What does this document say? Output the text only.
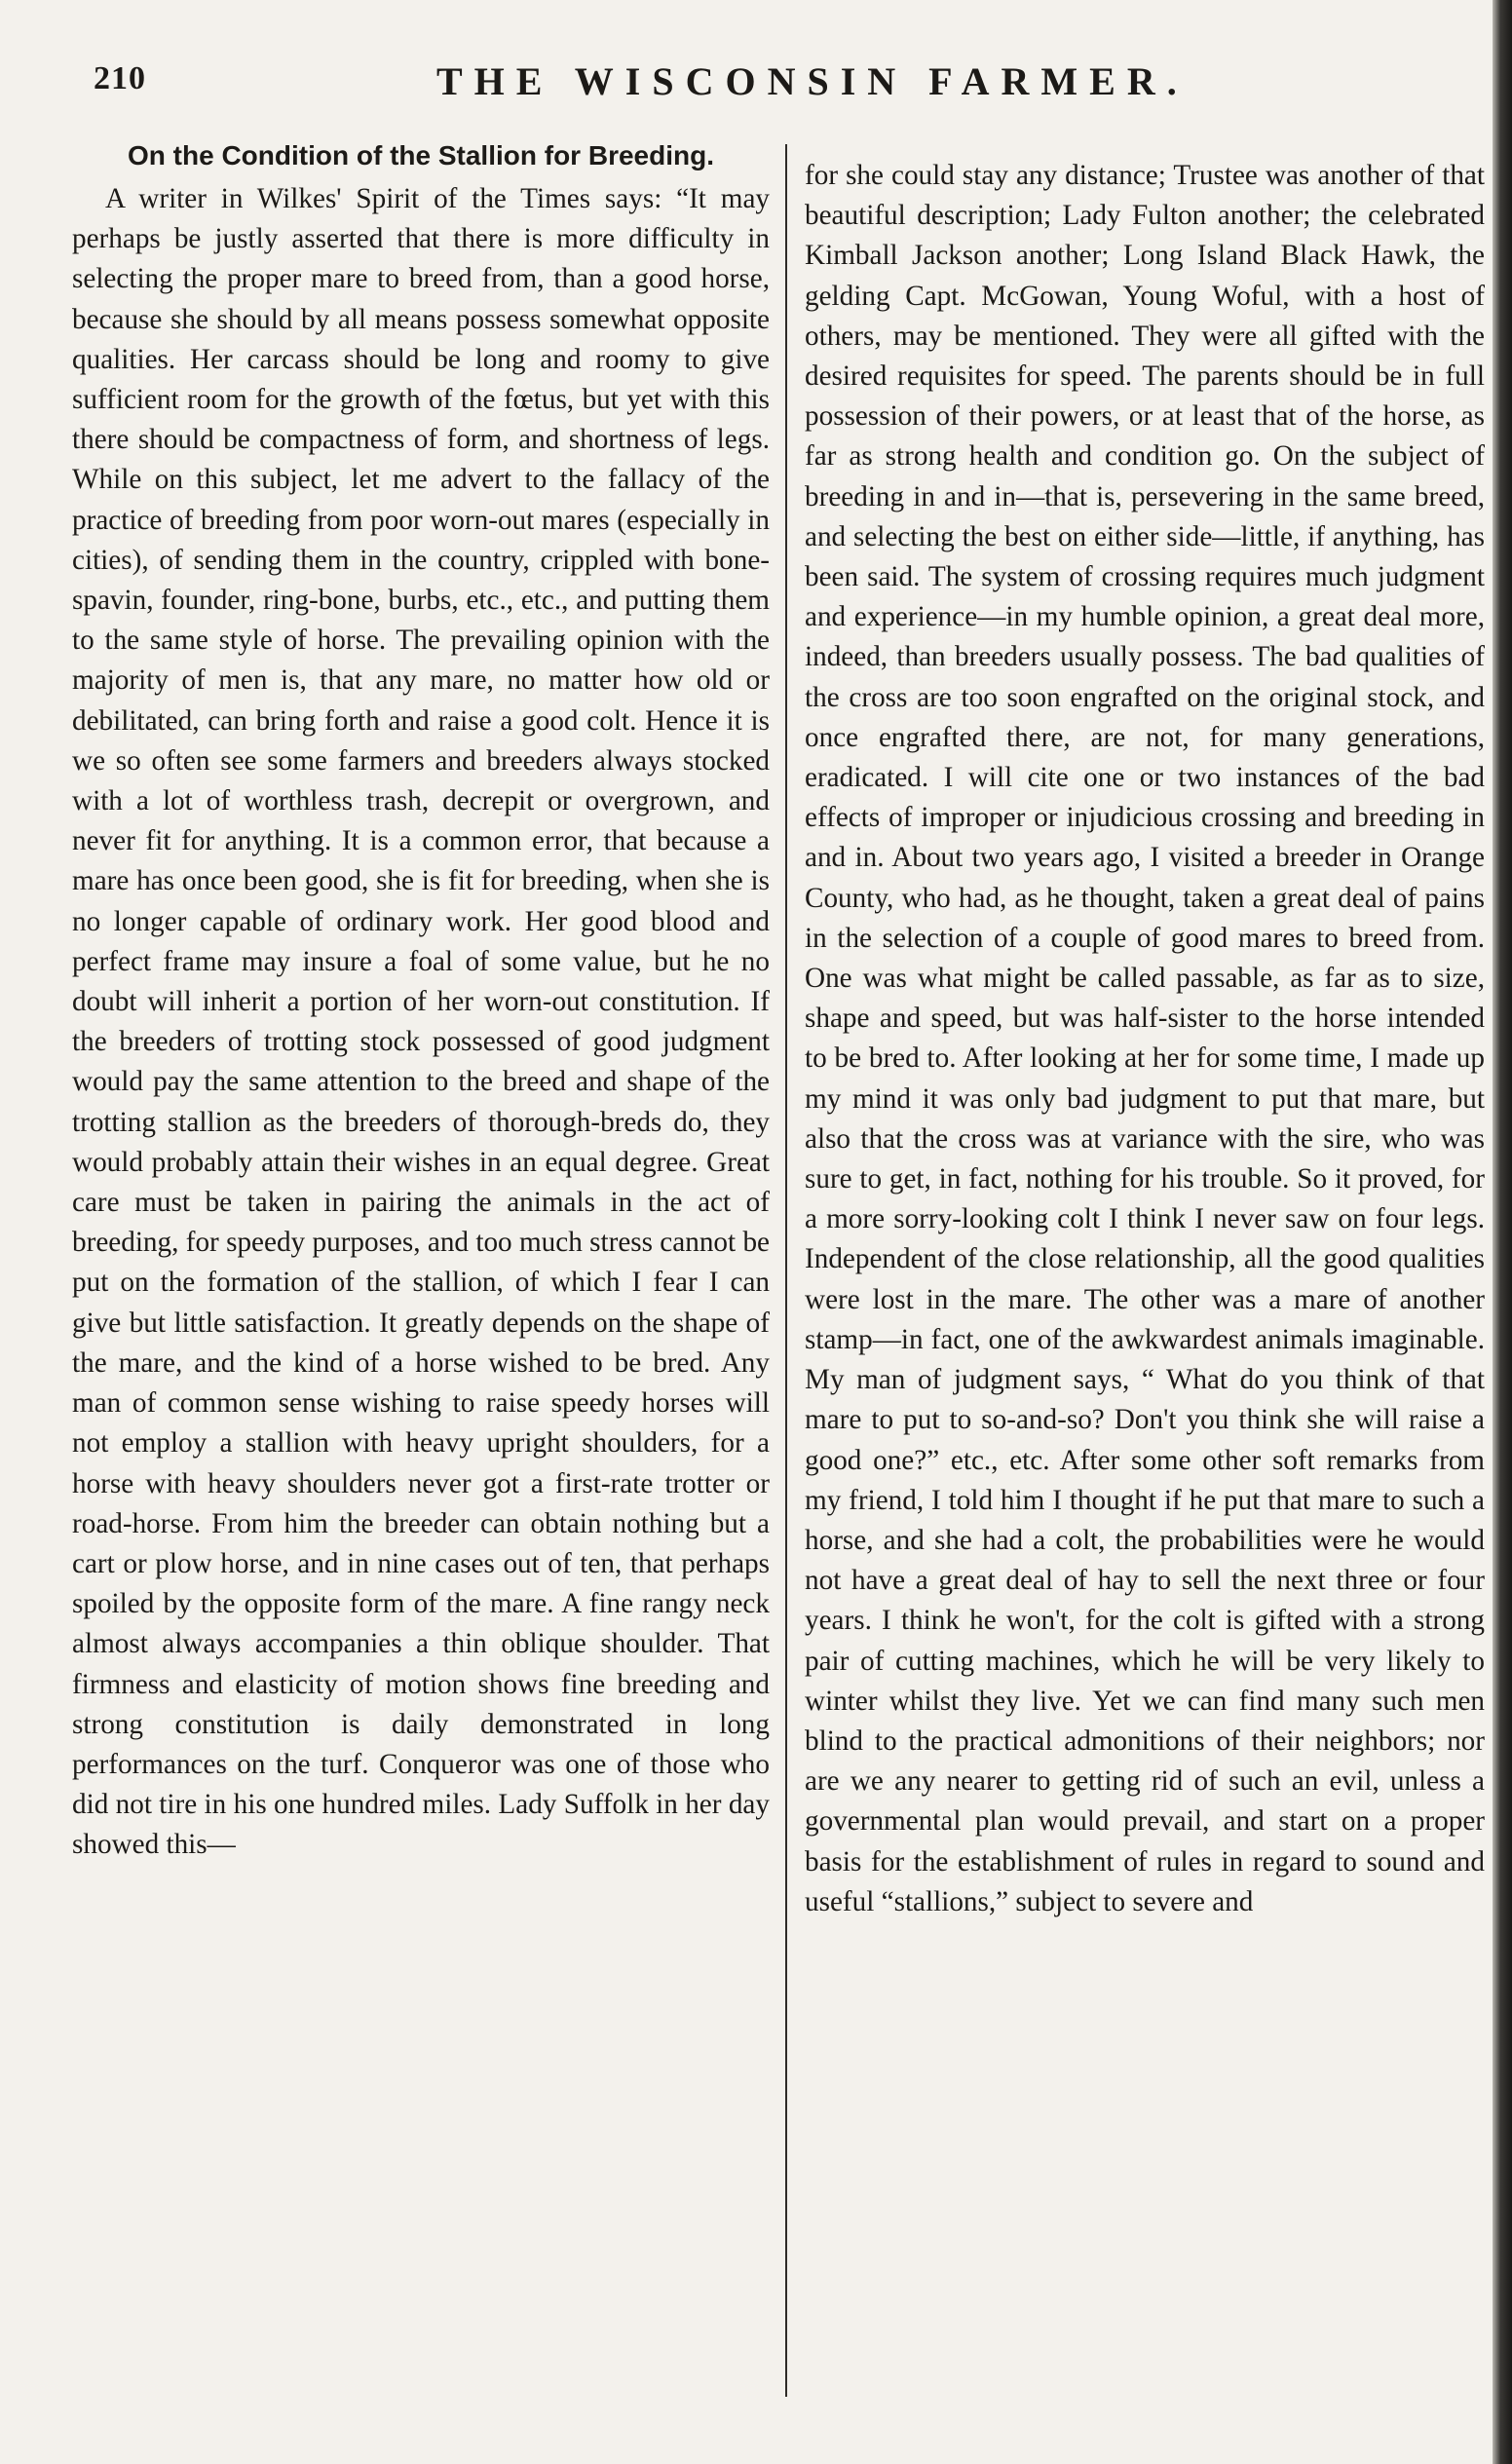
210	THE WISCONSIN FARMER.
On the Condition of the Stallion for Breeding.

A writer in Wilkes' Spirit of the Times says: “It may perhaps be justly asserted that there is more difficulty in selecting the proper mare to breed from, than a good horse, because she should by all means possess somewhat opposite qualities. Her carcass should be long and roomy to give sufficient room for the growth of the fœtus, but yet with this there should be compactness of form, and shortness of legs. While on this subject, let me advert to the fallacy of the practice of breeding from poor worn-out mares (especially in cities), of sending them in the country, crippled with bone-spavin, founder, ring-bone, burbs, etc., etc., and putting them to the same style of horse. The prevailing opinion with the majority of men is, that any mare, no matter how old or debilitated, can bring forth and raise a good colt. Hence it is we so often see some farmers and breeders always stocked with a lot of worthless trash, decrepit or overgrown, and never fit for anything. It is a common error, that because a mare has once been good, she is fit for breeding, when she is no longer capable of ordinary work. Her good blood and perfect frame may insure a foal of some value, but he no doubt will inherit a portion of her worn-out constitution. If the breeders of trotting stock possessed of good judgment would pay the same attention to the breed and shape of the trotting stallion as the breeders of thorough-breds do, they would probably attain their wishes in an equal degree. Great care must be taken in pairing the animals in the act of breeding, for speedy purposes, and too much stress cannot be put on the formation of the stallion, of which I fear I can give but little satisfaction. It greatly depends on the shape of the mare, and the kind of a horse wished to be bred. Any man of common sense wishing to raise speedy horses will not employ a stallion with heavy upright shoulders, for a horse with heavy shoulders never got a first-rate trotter or road-horse. From him the breeder can obtain nothing but a cart or plow horse, and in nine cases out of ten, that perhaps spoiled by the opposite form of the mare. A fine rangy neck almost always accompanies a thin oblique shoulder. That firmness and elasticity of motion shows fine breeding and strong constitution is daily demonstrated in long performances on the turf. Conqueror was one of those who did not tire in his one hundred miles. Lady Suffolk in her day showed this—

for she could stay any distance; Trustee was another of that beautiful description; Lady Fulton another; the celebrated Kimball Jackson another; Long Island Black Hawk, the gelding Capt. McGowan, Young Woful, with a host of others, may be mentioned. They were all gifted with the desired requisites for speed. The parents should be in full possession of their powers, or at least that of the horse, as far as strong health and condition go. On the subject of breeding in and in—that is, persevering in the same breed, and selecting the best on either side—little, if anything, has been said. The system of crossing requires much judgment and experience—in my humble opinion, a great deal more, indeed, than breeders usually possess. The bad qualities of the cross are too soon engrafted on the original stock, and once engrafted there, are not, for many generations, eradicated. I will cite one or two instances of the bad effects of improper or injudicious crossing and breeding in and in. About two years ago, I visited a breeder in Orange County, who had, as he thought, taken a great deal of pains in the selection of a couple of good mares to breed from. One was what might be called passable, as far as to size, shape and speed, but was half-sister to the horse intended to be bred to. After looking at her for some time, I made up my mind it was only bad judgment to put that mare, but also that the cross was at variance with the sire, who was sure to get, in fact, nothing for his trouble. So it proved, for a more sorry-looking colt I think I never saw on four legs. Independent of the close relationship, all the good qualities were lost in the mare. The other was a mare of another stamp—in fact, one of the awkwardest animals imaginable. My man of judgment says, “ What do you think of that mare to put to so-and-so? Don't you think she will raise a good one?” etc., etc. After some other soft remarks from my friend, I told him I thought if he put that mare to such a horse, and she had a colt, the probabilities were he would not have a great deal of hay to sell the next three or four years. I think he won't, for the colt is gifted with a strong pair of cutting machines, which he will be very likely to winter whilst they live. Yet we can find many such men blind to the practical admonitions of their neighbors; nor are we any nearer to getting rid of such an evil, unless a governmental plan would prevail, and start on a proper basis for the establishment of rules in regard to sound and useful “stallions,” subject to severe and
